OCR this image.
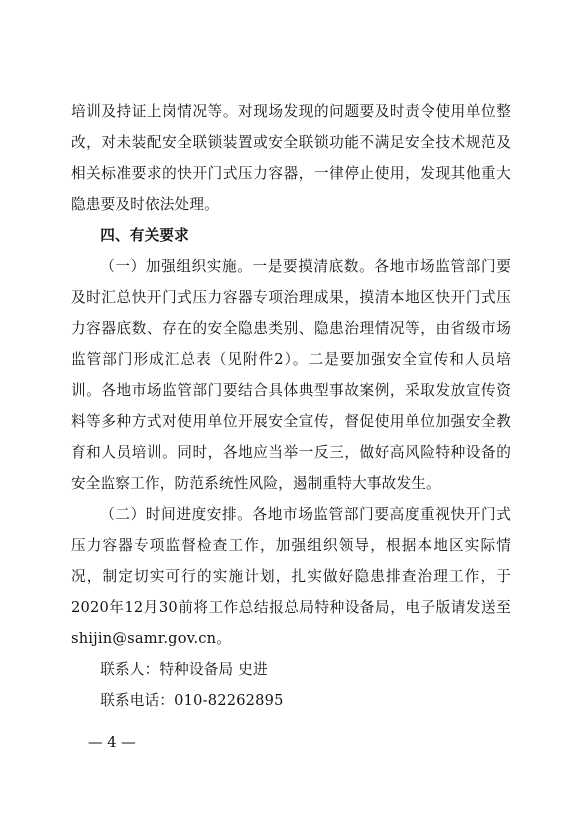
培训及持证上岗情况等。对现场发现的问题要及时责令使用单位整改，对未装配安全联锁装置或安全联锁功能不满足安全技术规范及相关标准要求的快开门式压力容器，一律停止使用，发现其他重大隐患要及时依法处理。

四、有关要求

（一）加强组织实施。一是要摸清底数。各地市场监管部门要及时汇总快开门式压力容器专项治理成果，摸清本地区快开门式压力容器底数、存在的安全隐患类别、隐患治理情况等，由省级市场监管部门形成汇总表（见附件2）。二是要加强安全宣传和人员培训。各地市场监管部门要结合具体典型事故案例，采取发放宣传资料等多种方式对使用单位开展安全宣传，督促使用单位加强安全教育和人员培训。同时，各地应当举一反三，做好高风险特种设备的安全监察工作，防范系统性风险，遏制重特大事故发生。

（二）时间进度安排。各地市场监管部门要高度重视快开门式压力容器专项监督检查工作，加强组织领导，根据本地区实际情况，制定切实可行的实施计划，扎实做好隐患排查治理工作，于2020年12月30前将工作总结报总局特种设备局，电子版请发送至shijin@samr.gov.cn。

联系人：特种设备局 史进

联系电话：010-82262895

— 4 —
